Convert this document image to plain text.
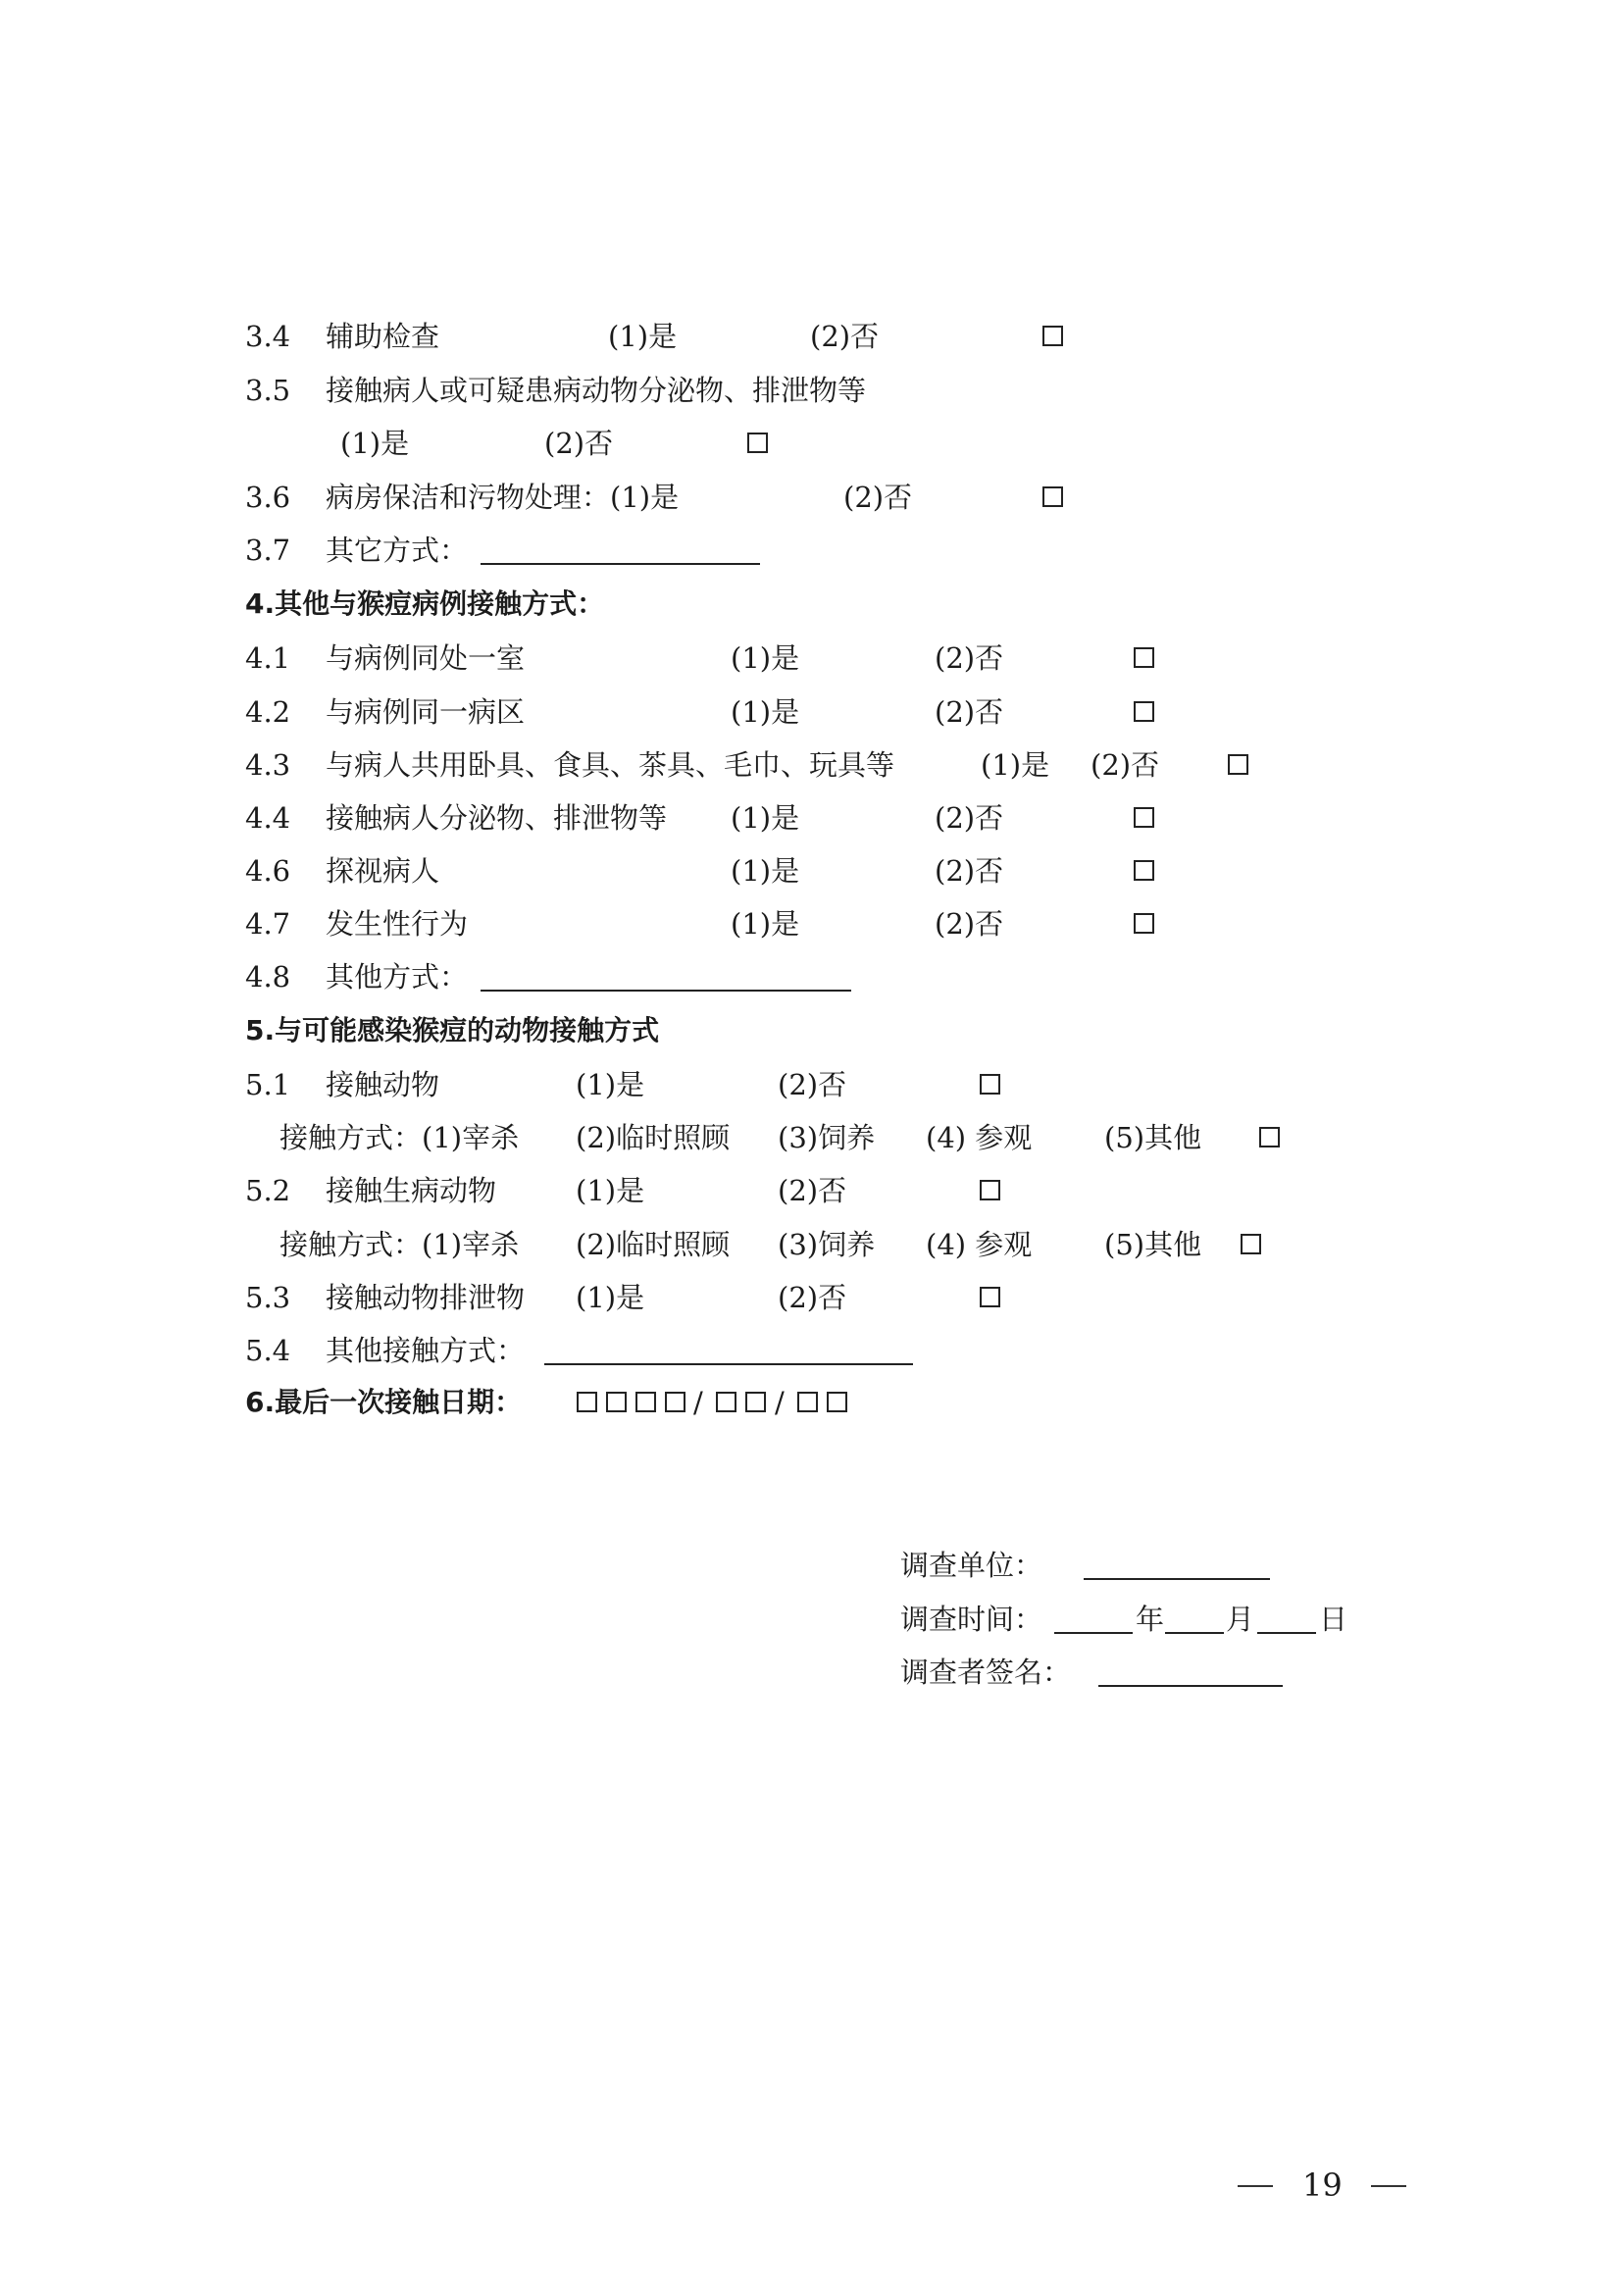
3.4 辅助检查	(1)是	(2)否
3.5 接触病人或可疑患病动物分泌物、排泄物等
(1)是	(2)否
3.6 病房保洁和污物处理：(1)是	(2)否
3.7 其它方式：
4.其他与猴痘病例接触方式：
4.1 与病例同处一室	(1)是	(2)否
4.2 与病例同一病区	(1)是	(2)否
4.3 与病人共用卧具、食具、茶具、毛巾、玩具等	(1)是 (2)否
4.4 接触病人分泌物、排泄物等 (1)是	(2)否
4.6 探视病人	(1)是	(2)否
4.7 发生性行为	(1)是	(2)否
4.8 其他方式：
5.与可能感染猴痘的动物接触方式
5.1 接触动物	(1)是	(2)否
接触方式：(1)宰杀 (2)临时照顾 (3)饲养 (4) 参观	(5)其他
5.2 接触生病动物	(1)是	(2)否
接触方式：(1)宰杀 (2)临时照顾 (3)饲养 (4) 参观	(5)其他
5.3 接触动物排泄物 (1)是	(2)否
5.4 其他接触方式：
6.最后一次接触日期：	/	/
调查单位：
调查时间：	年 月 日
调查者签名：
19
